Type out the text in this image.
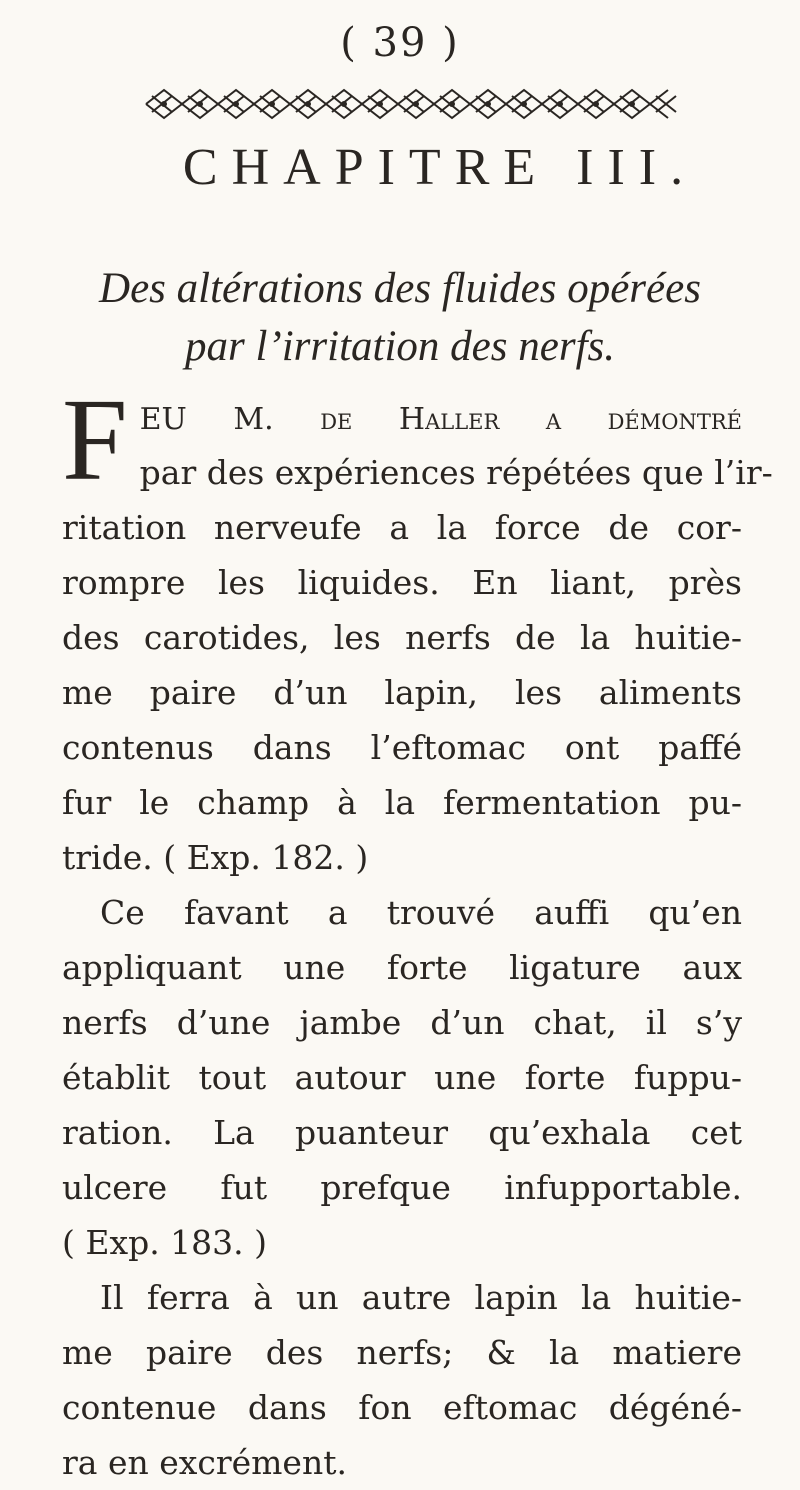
( 39 )
CHAPITRE III.
Des altérations des fluides opérées
par l’irritation des nerfs.
F EU M. de Haller a démontré
par des expériences répétées que l’ir-
ritation nerveufe a la force de cor-
rompre les liquides. En liant, près
des carotides, les nerfs de la huitie-
me paire d’un lapin, les aliments
contenus dans l’eftomac ont paffé
fur le champ à la fermentation pu-
tride. ( Exp. 182. )
Ce favant a trouvé auffi qu’en
appliquant une forte ligature aux
nerfs d’une jambe d’un chat, il s’y
établit tout autour une forte fuppu-
ration. La puanteur qu’exhala cet
ulcere fut prefque infupportable.
( Exp. 183. )
Il ferra à un autre lapin la huitie-
me paire des nerfs; & la matiere
contenue dans fon eftomac dégéné-
ra en excrément.
